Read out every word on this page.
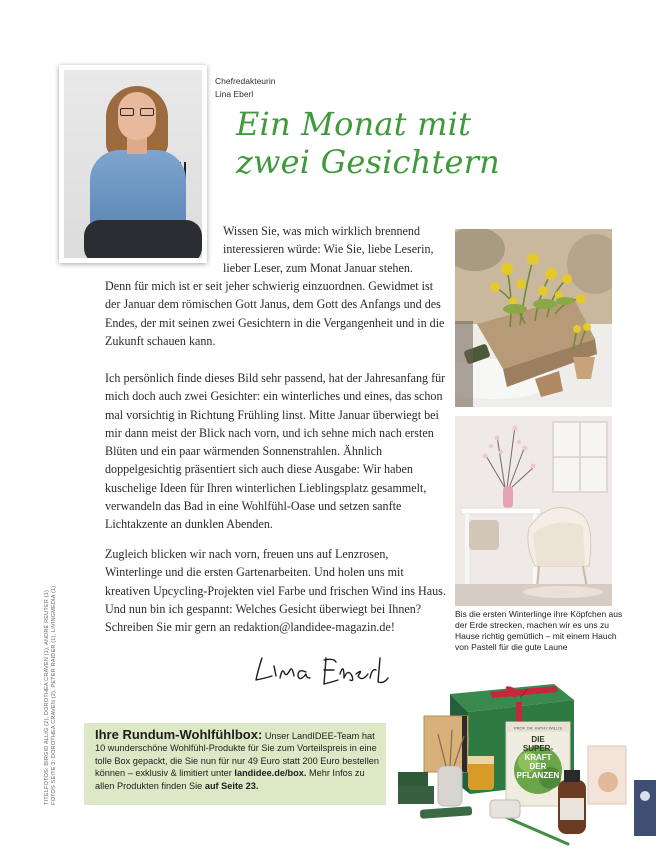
Chefredakteurin
Lina Eberl
Ein Monat mit
zwei Gesichtern
Wissen Sie, was mich wirklich brennend
interessieren würde: Wie Sie, liebe Leserin,
lieber Leser, zum Monat Januar stehen.
Denn für mich ist er seit jeher schwierig einzuordnen. Gewidmet ist der Januar dem römischen Gott Janus, dem Gott des Anfangs und des Endes, der mit seinen zwei Gesichtern in die Vergangenheit und in die Zukunft schauen kann.
Ich persönlich finde dieses Bild sehr passend, hat der Jahresanfang für mich doch auch zwei Gesichter: ein winterliches und eines, das schon mal vorsichtig in Richtung Frühling linst. Mitte Januar überwiegt bei mir dann meist der Blick nach vorn, und ich sehne mich nach ersten Blüten und ein paar wärmenden Sonnenstrahlen. Ähnlich doppelgesichtig präsentiert sich auch diese Ausgabe: Wir haben kuschelige Ideen für Ihren winterlichen Lieblingsplatz gesammelt, verwandeln das Bad in eine Wohlfühl-Oase und setzen sanfte Lichtakzente an dunklen Abenden.
Zugleich blicken wir nach vorn, freuen uns auf Lenzrosen, Winterlinge und die ersten Gartenarbeiten. Und holen uns mit kreativen Upcycling-Projekten viel Farbe und frischen Wind ins Haus. Und nun bin ich gespannt: Welches Gesicht überwiegt bei Ihnen? Schreiben Sie mir gern an redaktion@landidee-magazin.de!
Bis die ersten Winterlinge ihre Köpfchen aus der Erde strecken, machen wir es uns zu Hause richtig gemütlich – mit einem Hauch von Pastell für die gute Laune
Ihre Rundum-Wohlfühlbox: Unser LandIDEE-Team hat 10 wunderschöne Wohlfühl-Produkte für Sie zum Vorteilspreis in eine tolle Box gepackt, die Sie nun für nur 49 Euro statt 200 Euro bestellen können – exklusiv & limitiert unter landidee.de/box. Mehr Infos zu allen Produkten finden Sie auf Seite 23.
TITELFOTOS: BIRGID ALLIG (2), DOROTHEA CRAVEN (1), ANDRÉ REUTER (1) FOTOS SEITE 3: DOROTHEA CRAVEN (2), PETER RAIDER (1), LIVINGMEDIA (1)	PROF. DR. KATHY WILLIS
DIE
SUPER-
KRAFT
DER
PFLANZEN
